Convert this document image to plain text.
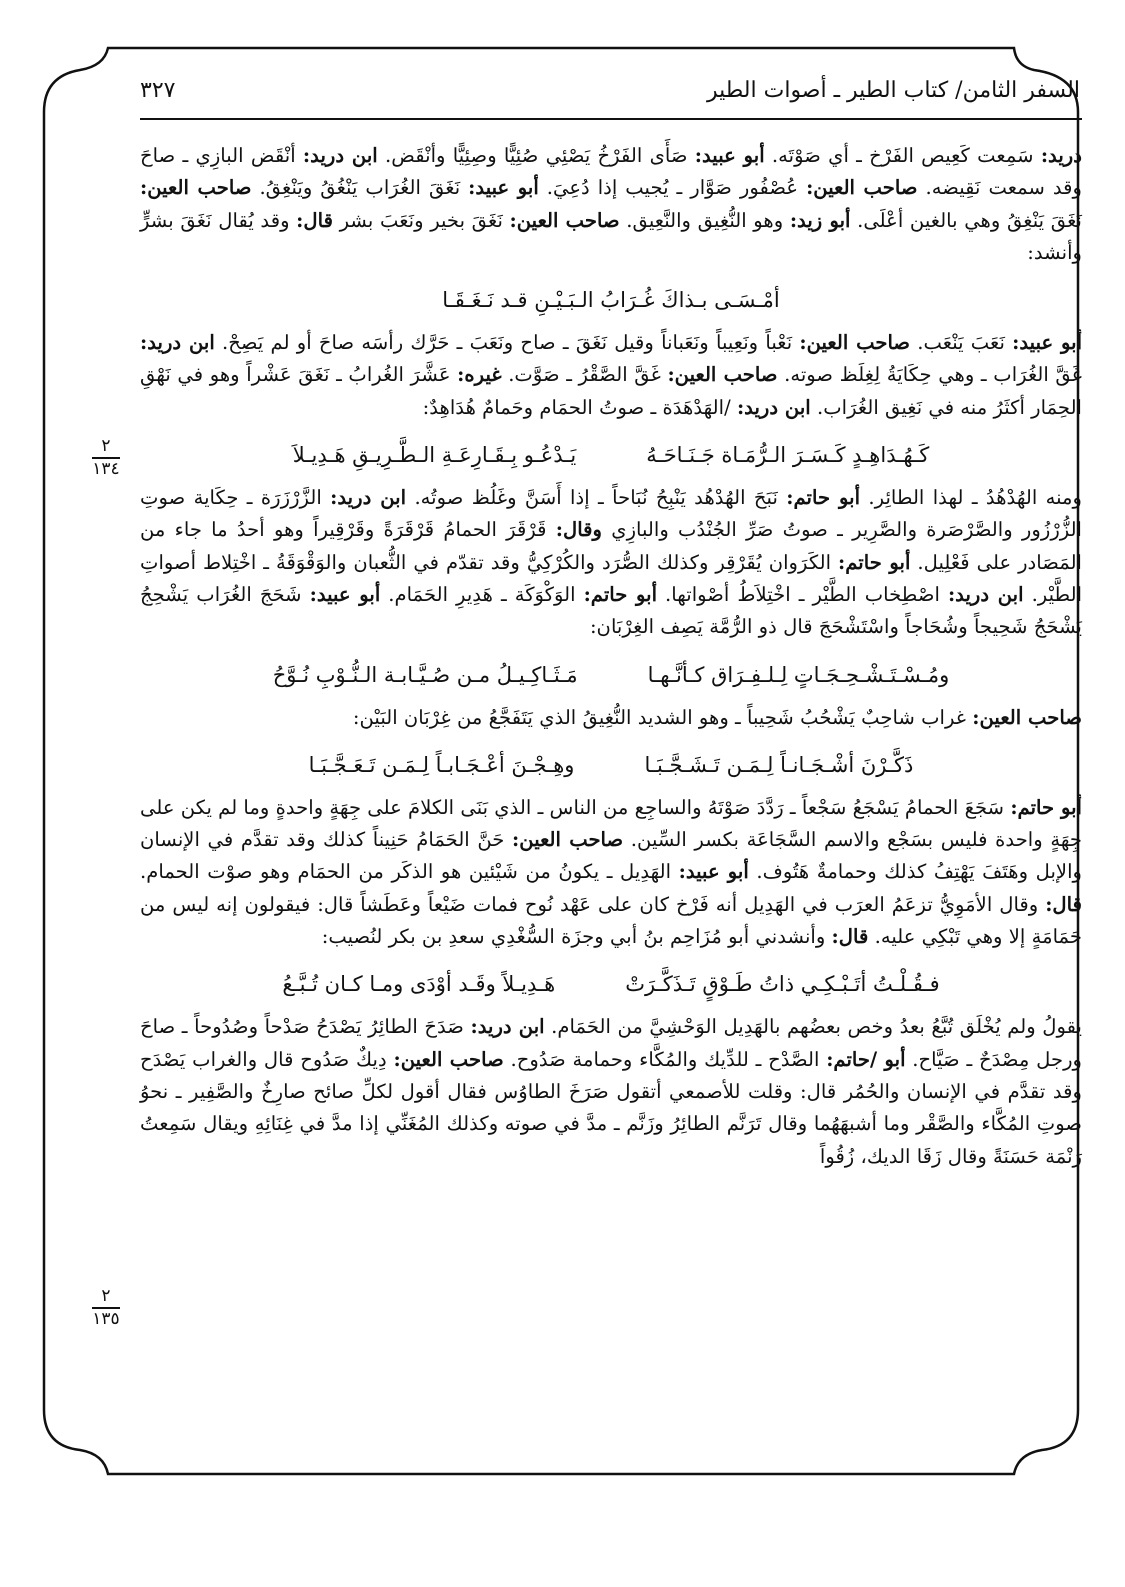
السفر الثامن/ كتاب الطير ـ أصوات الطير
٣٢٧
٢
١٣٤
٢
١٣٥

دريد: سَمِعت كَعِيص الفَرْخ ـ أي صَوْتَه. أبو عبيد: صَأَى الفَرْخُ يَصْئِي صُئِيًّا وصِئِيًّا وأنْقَض. ابن دريد: أنْقَض البازِي ـ صاحَ وقد سمعت نَقِيضه. صاحب العين: عُصْفُور صَوَّار ـ يُجيب إذا دُعِيَ. أبو عبيد: نَغَقَ الغُرَاب يَنْغُقُ ويَنْغِقُ. صاحب العين: نَغَقَ يَنْغِقُ وهي بالغين أعْلَى. أبو زيد: وهو النُّغِيق والنَّعِيق. صاحب العين: نَغَقَ بخير ونَعَبَ بشر قال: وقد يُقال نَغَقَ بشرٍّ وأنشد:

أمْـسَـى بـذاكَ غُـرَابُ الـبَـيْـنِ قـد نَـغَـقَـا

أبو عبيد: نَعَبَ يَنْعَب. صاحب العين: نَعْباً ونَعِيباً ونَعَباناً وقيل نَغَقَ ـ صاح ونَعَبَ ـ حَرَّك رأسَه صاحَ أو لم يَصِحْ. ابن دريد: غَقَّ الغُرَاب ـ وهي حِكَايَةُ لِغِلَظ صوته. صاحب العين: غَقَّ الصَّقْرُ ـ صَوَّت. غيره: عَشَّرَ الغُرابُ ـ نَغَقَ عَشْراً وهو في نَهْقِ الحِمَار أكثَرُ منه في نَغِيق الغُرَاب. ابن دريد: /الهَدْهَدَة ـ صوتُ الحمَام وحَمامٌ هُدَاهِدٌ:

كَـهُـدَاهِـدٍ كَـسَـرَ الـرُّمَـاة جَـنَـاحَـهُ
يَـدْعُـو بِـقَـارِعَـةِ الـطَّـرِيـقِ هَـدِيـلاَ

ومنه الهُدْهُدُ ـ لهذا الطائِر. أبو حاتم: نَبَحَ الهُدْهُد يَنْبِحُ نُبَاحاً ـ إذا أَسَنَّ وغَلُظ صوتُه. ابن دريد: الزَّرْزَرَة ـ حِكَاية صوتِ الزُّرْزُور والصَّرْصَرة والصَّرِير ـ صوتُ صَرِّ الجُنْدُب والبازِي وقال: قَرْقَرَ الحمامُ قَرْقَرَةً وقَرْقِيراً وهو أحدُ ما جاء من المَصَادر على فَعْلِيل. أبو حاتم: الكَرَوان يُقَرْقِر وكذلك الصُّرَد والكُرْكِيُّ وقد تقدّم في الثُّعبان والوَقْوَقَةُ ـ اخْتِلاط أصواتِ الطَّيْر. ابن دريد: اصْطِخاب الطَّيْر ـ اخْتِلاَطُ أصْواتها. أبو حاتم: الوَكْوَكَة ـ هَدِيرِ الحَمَام. أبو عبيد: شَحَجَ الغُرَاب يَشْحِجُ يَشْحَجُ شَحِيجاً وشُحَاجاً واسْتَشْحَجَ قال ذو الرُّمَّة يَصِف الغِرْبَان:

ومُـسْـتَـشْـحِـجَـاتٍ لِـلـفِـرَاق كـأنَّـهـا
مَـثَـاكِـيـلُ مـن صُـيَّـابـة الـنُّـوْبِ نُـوَّحُ

صاحب العين: غراب شاحِبٌ يَشْحُبُ شَحِيباً ـ وهو الشديد النُّغِيقُ الذي يَتَفَجَّعُ من غِرْبَان البَيْن:

ذَكَّـرْنَ أشْـجَـانـاً لِـمَـن تَـشَـجَّـبَـا
وهِـجْـنَ أعْـجَـابـاً لِـمَـن تَـعَـجَّـبَـا

أبو حاتم: سَجَعَ الحمامُ يَسْجَعُ سَجْعاً ـ رَدَّدَ صَوْتَهُ والساجِع من الناس ـ الذي بَنَى الكلامَ على جِهَةٍ واحدةٍ وما لم يكن على جِهَةٍ واحدة فليس بسَجْع والاسم السَّجَاعَة بكسر السِّين. صاحب العين: حَنَّ الحَمَامُ حَنِيناً كذلك وقد تقدَّم في الإنسان والإبل وهَتَفَ يَهْتِفُ كذلك وحمامةٌ هَتُوف. أبو عبيد: الهَدِيل ـ يكونُ من شَيْئين هو الذكَر من الحمَام وهو صوْت الحمام. قال: وقال الأمَوِيُّ تزعَمُ العرَب في الهَدِيل أنه فَرْخ كان على عَهْد نُوح فمات ضَيْعاً وعَطَشاً قال: فيقولون إنه ليس من حَمَامَةٍ إلا وهي تَبْكِي عليه. قال: وأنشدني أبو مُزَاحِم بنُ أبي وجزَة السُّغْدِي سعدِ بن بكر لنُصيب:

فـقُـلْـتُ أتَـبْـكِـي ذاتُ طَـوْقٍ تَـذَكَّـرَتْ
هَـدِيـلاً وقَـد أوْدَى ومـا كـان تُـبَّـعُ

يقولُ ولم يُخْلَق تُبَّعُ بعدُ وخص بعضُهم بالهَدِيل الوَحْشِيَّ من الحَمَام. ابن دريد: صَدَحَ الطائِرُ يَصْدَحُ صَدْحاً وصُدُوحاً ـ صاحَ ورجل مِصْدَحٌ ـ صَيَّاح. أبو /حاتم: الصَّدْح ـ للدِّيك والمُكَّاء وحمامة صَدُوح. صاحب العين: دِيكٌ صَدُوح قال والغراب يَصْدَح وقد تقدَّم في الإنسان والحُمُر قال: وقلت للأصمعي أتقول صَرَخَ الطاوُس فقال أقول لكلِّ صائح صارِخٌ والصَّفِير ـ نحوُ صوتِ المُكَّاء والصَّقْر وما أشبهَهُما وقال تَرَنَّم الطائِرُ وزَنَّم ـ مدَّ في صوته وكذلك المُغَنِّي إذا مدَّ في غِنَائِهِ ويقال سَمِعتُ رَنْمَة حَسَنَةً وقال زَقَا الديك، زُقُواً
